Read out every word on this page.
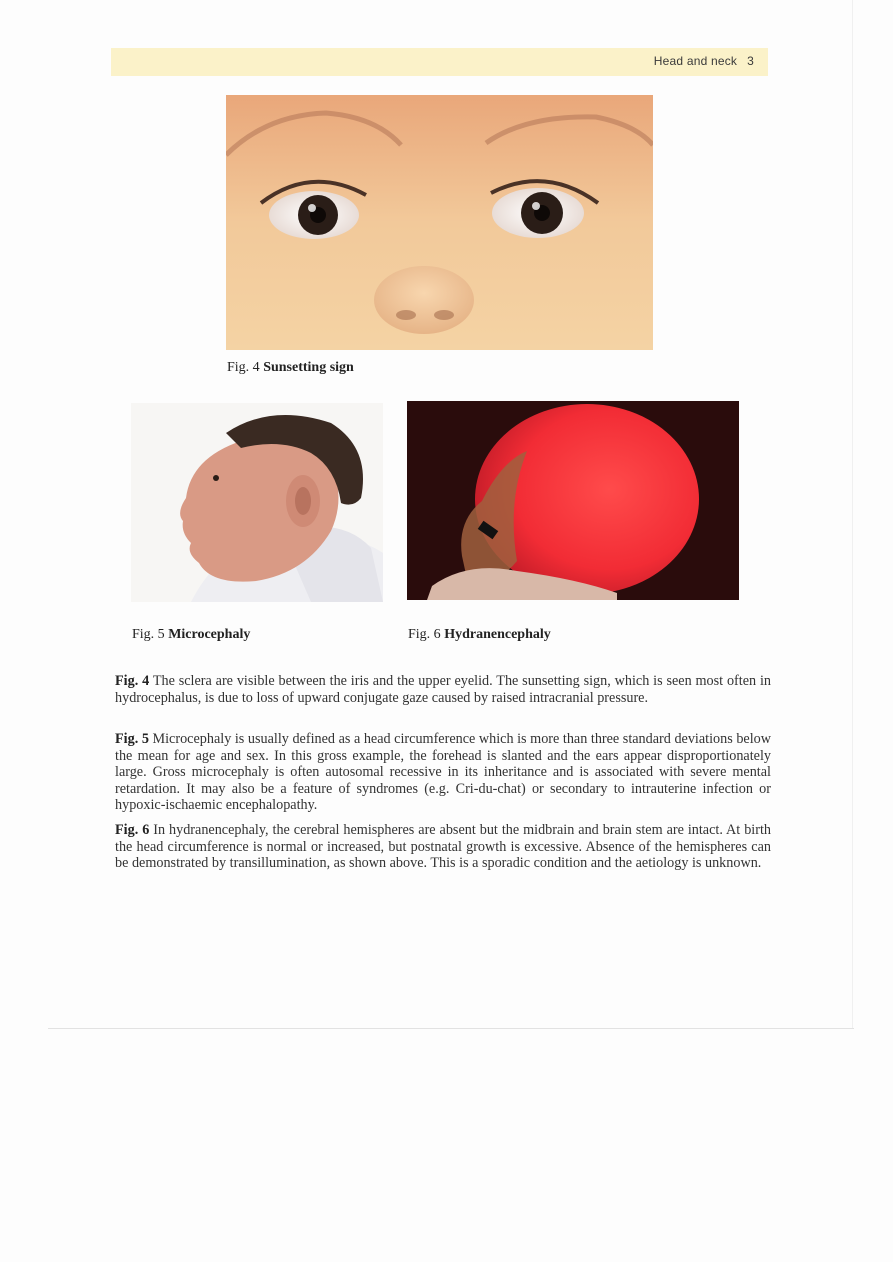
Head and neck 3
Fig. 4 Sunsetting sign
Fig. 5 Microcephaly	Fig. 6 Hydranencephaly
Fig. 4 The sclera are visible between the iris and the upper eyelid. The sunsetting sign, which is seen most often in hydrocephalus, is due to loss of upward conjugate gaze caused by raised intracranial pressure.
Fig. 5 Microcephaly is usually defined as a head circumference which is more than three standard deviations below the mean for age and sex. In this gross example, the forehead is slanted and the ears appear disproportionately large. Gross microcephaly is often autosomal recessive in its inheritance and is associated with severe mental retardation. It may also be a feature of syndromes (e.g. Cri-du-chat) or secondary to intrauterine infection or hypoxic-ischaemic encephalopathy.
Fig. 6 In hydranencephaly, the cerebral hemispheres are absent but the midbrain and brain stem are intact. At birth the head circumference is normal or increased, but postnatal growth is excessive. Absence of the hemispheres can be demonstrated by transillumination, as shown above. This is a sporadic condition and the aetiology is unknown.
